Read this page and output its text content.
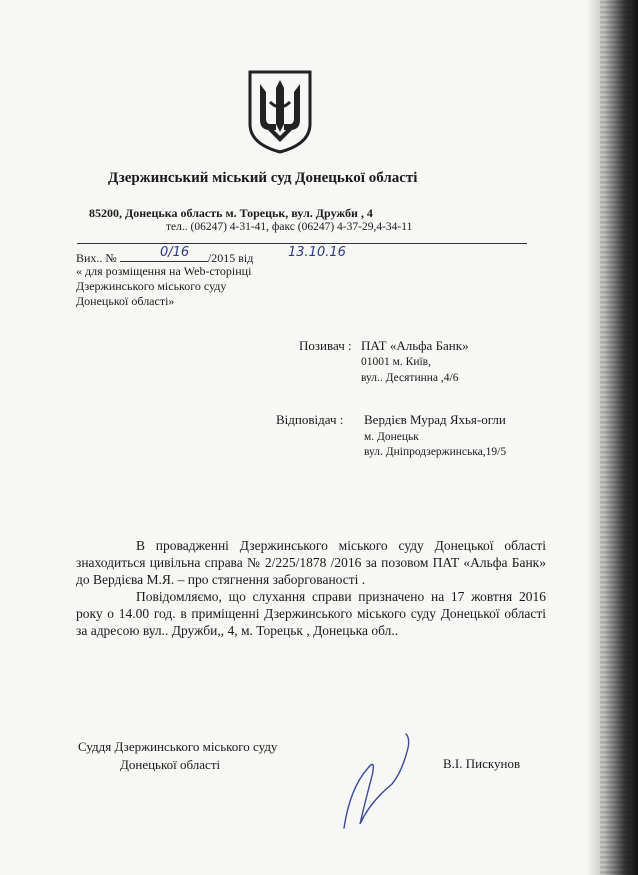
Дзержинський міський суд Донецької області
85200, Донецька область м. Торецьк, вул. Дружби , 4
тел.. (06247) 4-31-41, факс (06247) 4-37-29,4-34-11
Вих.. №	/2015 від
0/16	13.10.16
« для розміщення на Web-сторінці
Дзержинського міського суду
Донецької області»
Позивач : ПАТ «Альфа Банк»
01001 м. Київ,
вул.. Десятинна ,4/6
Відповідач : Вердієв Мурад Яхья-огли
м. Донецьк
вул. Дніпродзержинська,19/5

В провадженні Дзержинського міського суду Донецької області знаходиться цивільна справа № 2/225/1878 /2016 за позовом ПАТ «Альфа Банк» до Вердієва М.Я. – про стягнення заборгованості .

Повідомляємо, що слухання справи призначено на 17 жовтня 2016 року о 14.00 год. в приміщенні Дзержинського міського суду Донецької області за адресою вул.. Дружби,, 4, м. Торецьк , Донецька обл..

Суддя Дзержинського міського суду
Донецької області	В.І. Пискунов
